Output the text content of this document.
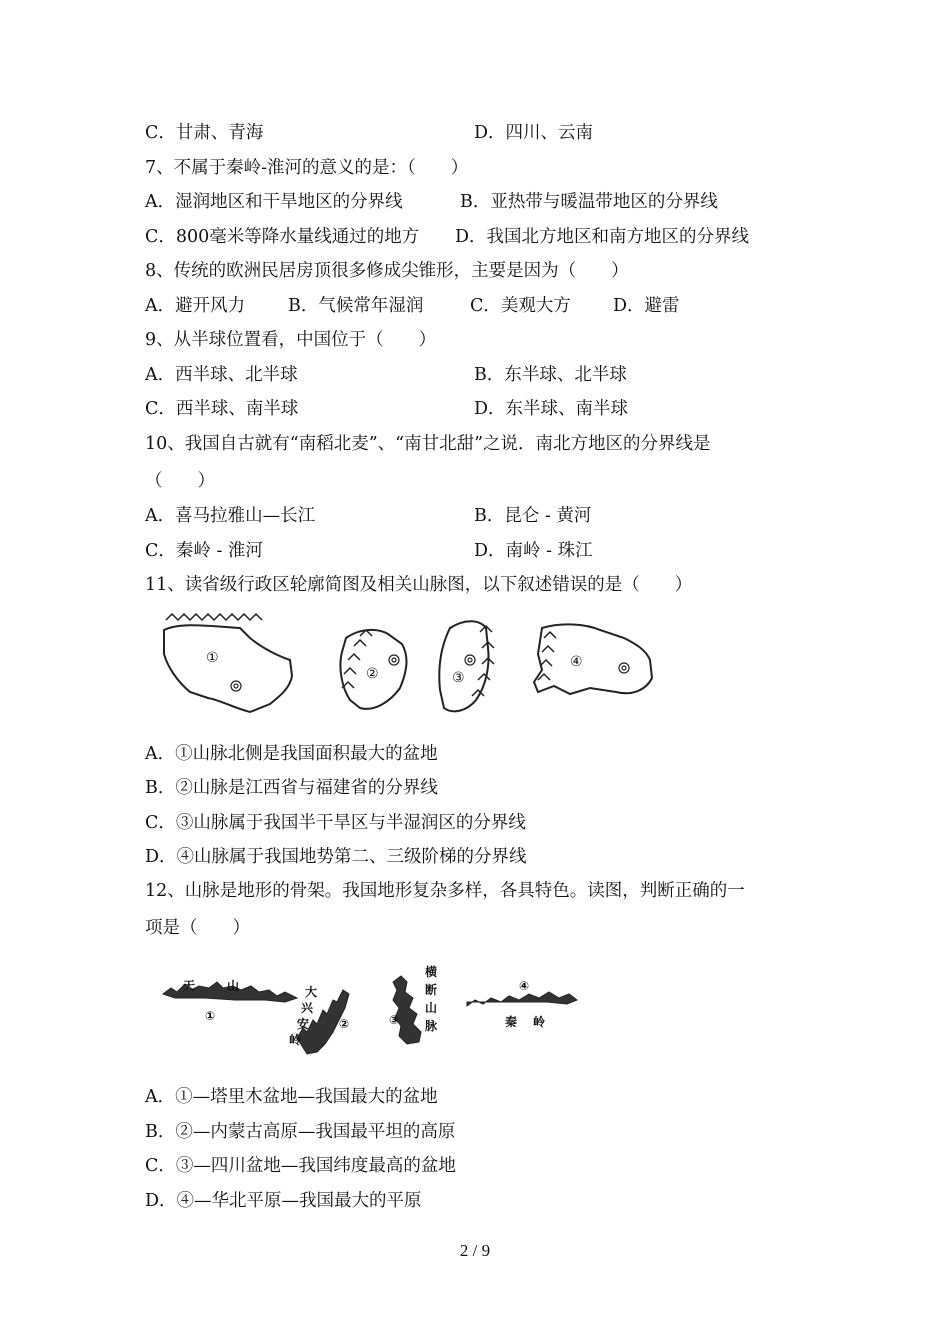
C．甘肃、青海	D．四川、云南
7、不属于秦岭-淮河的意义的是：（　　）
A．湿润地区和干旱地区的分界线	B．亚热带与暖温带地区的分界线
C．800毫米等降水量线通过的地方 D．我国北方地区和南方地区的分界线
8、传统的欧洲民居房顶很多修成尖锥形，主要是因为（　　）
A．避开风力 B．气候常年湿润	C．美观大方 D．避雷
9、从半球位置看，中国位于（　　）
A．西半球、北半球	B．东半球、北半球
C．西半球、南半球	D．东半球、南半球
10、我国自古就有“南稻北麦”、“南甘北甜”之说．南北方地区的分界线是
（　　）
A．喜马拉雅山—长江	B．昆仑 - 黄河
C．秦岭 - 淮河	D．南岭 - 珠江
11、读省级行政区轮廓简图及相关山脉图，以下叙述错误的是（　　）
①
②	③
④
A．①山脉北侧是我国面积最大的盆地
B．②山脉是江西省与福建省的分界线
C．③山脉属于我国半干旱区与半湿润区的分界线
D．④山脉属于我国地势第二、三级阶梯的分界线
12、山脉是地形的骨架。我国地形复杂多样，各具特色。读图，判断正确的一
项是（　　）
天	山
①
大
兴
安
岭
②
横
断
山
脉
③
④
秦 岭
A．①—塔里木盆地—我国最大的盆地
B．②—内蒙古高原—我国最平坦的高原
C．③—四川盆地—我国纬度最高的盆地
D．④—华北平原—我国最大的平原
2 / 9
